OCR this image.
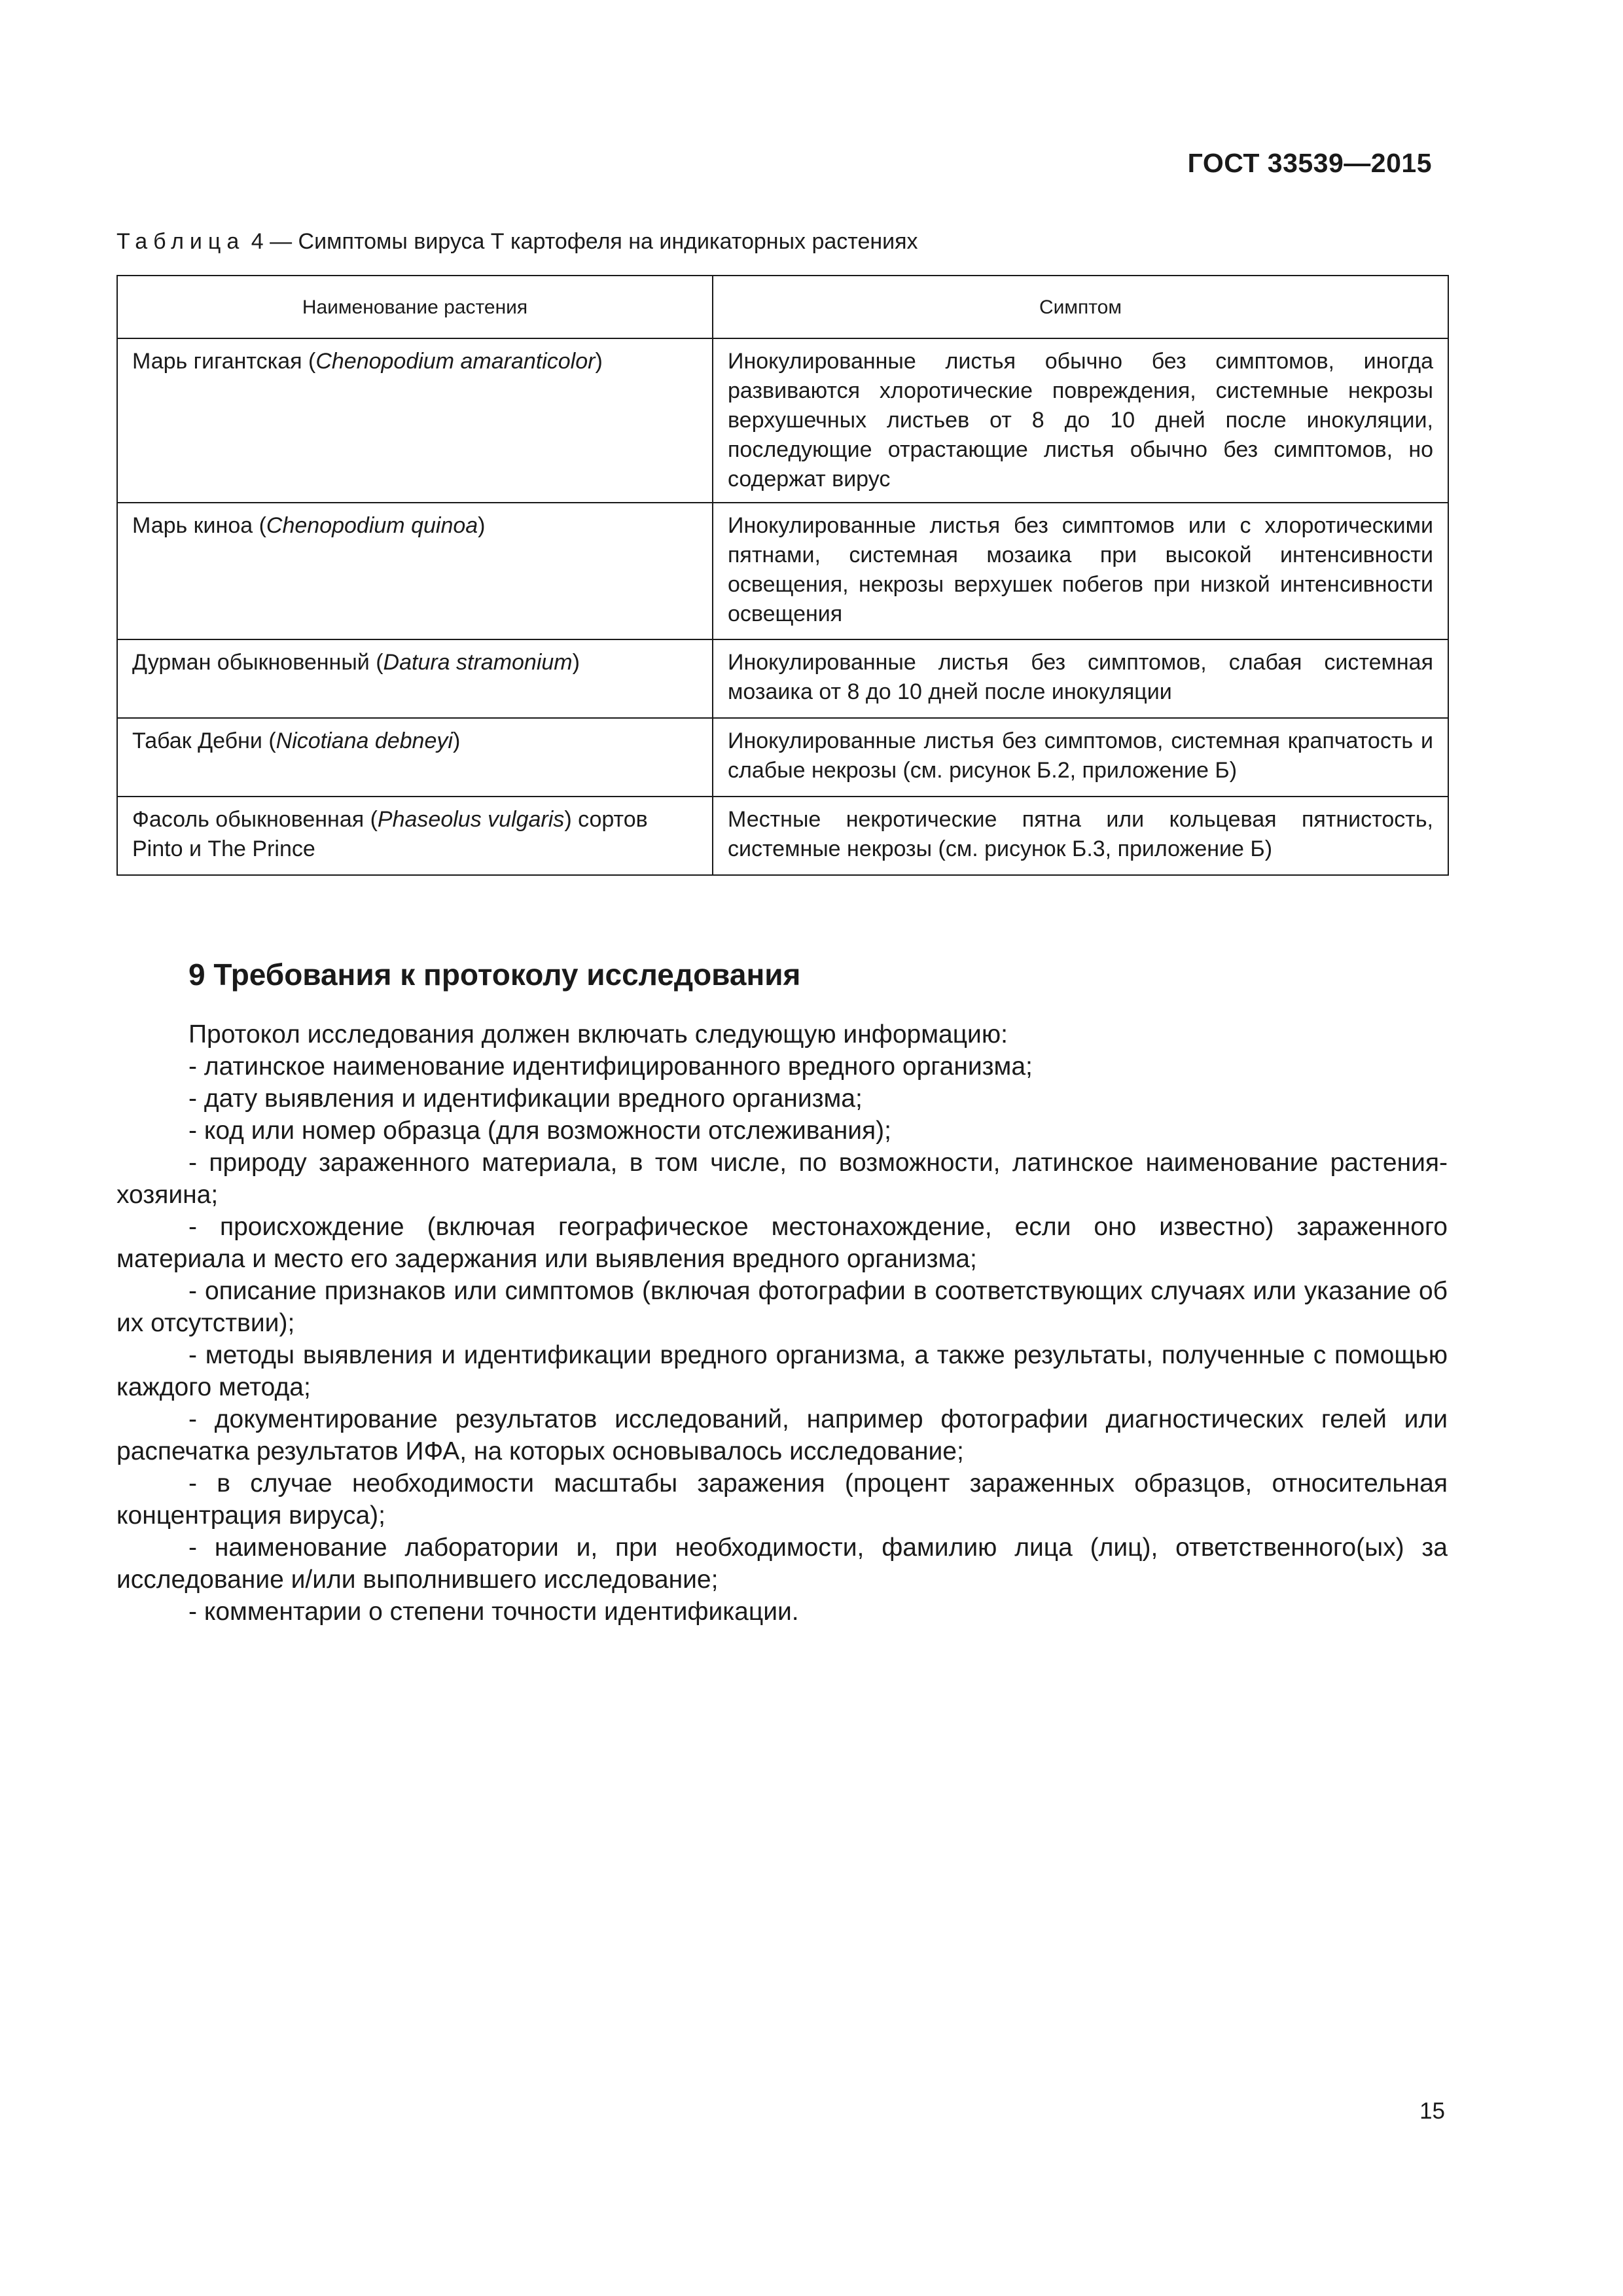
ГОСТ 33539—2015
Таблица 4 — Симптомы вируса Т картофеля на индикаторных растениях
Наименование растения	Симптом
Марь гигантская (Chenopodium amaranticolor)	Инокулированные листья обычно без симптомов, иногда развиваются хлоротические повреждения, системные некрозы верхушечных листьев от 8 до 10 дней после инокуляции, последующие отрастающие листья обычно без симптомов, но содержат вирус
Марь киноа (Chenopodium quinoa)	Инокулированные листья без симптомов или с хлоротическими пятнами, системная мозаика при высокой интенсивности освещения, некрозы верхушек побегов при низкой интенсивности освещения
Дурман обыкновенный (Datura stramonium)	Инокулированные листья без симптомов, слабая системная мозаика от 8 до 10 дней после инокуляции
Табак Дебни (Nicotiana debneyi)	Инокулированные листья без симптомов, системная крапчатость и слабые некрозы (см. рисунок Б.2, приложение Б)
Фасоль обыкновенная (Phaseolus vulgaris) сортов Pinto и The Prince	Местные некротические пятна или кольцевая пятнистость, системные некрозы (см. рисунок Б.3, приложение Б)
9 Требования к протоколу исследования

Протокол исследования должен включать следующую информацию:

- латинское наименование идентифицированного вредного организма;

- дату выявления и идентификации вредного организма;

- код или номер образца (для возможности отслеживания);

- природу зараженного материала, в том числе, по возможности, латинское наименование растения-хозяина;

- происхождение (включая географическое местонахождение, если оно известно) зараженного материала и место его задержания или выявления вредного организма;

- описание признаков или симптомов (включая фотографии в соответствующих случаях или указание об их отсутствии);

- методы выявления и идентификации вредного организма, а также результаты, полученные с помощью каждого метода;

- документирование результатов исследований, например фотографии диагностических гелей или распечатка результатов ИФА, на которых основывалось исследование;

- в случае необходимости масштабы заражения (процент зараженных образцов, относительная концентрация вируса);

- наименование лаборатории и, при необходимости, фамилию лица (лиц), ответственного(ых) за исследование и/или выполнившего исследование;

- комментарии о степени точности идентификации.

15
